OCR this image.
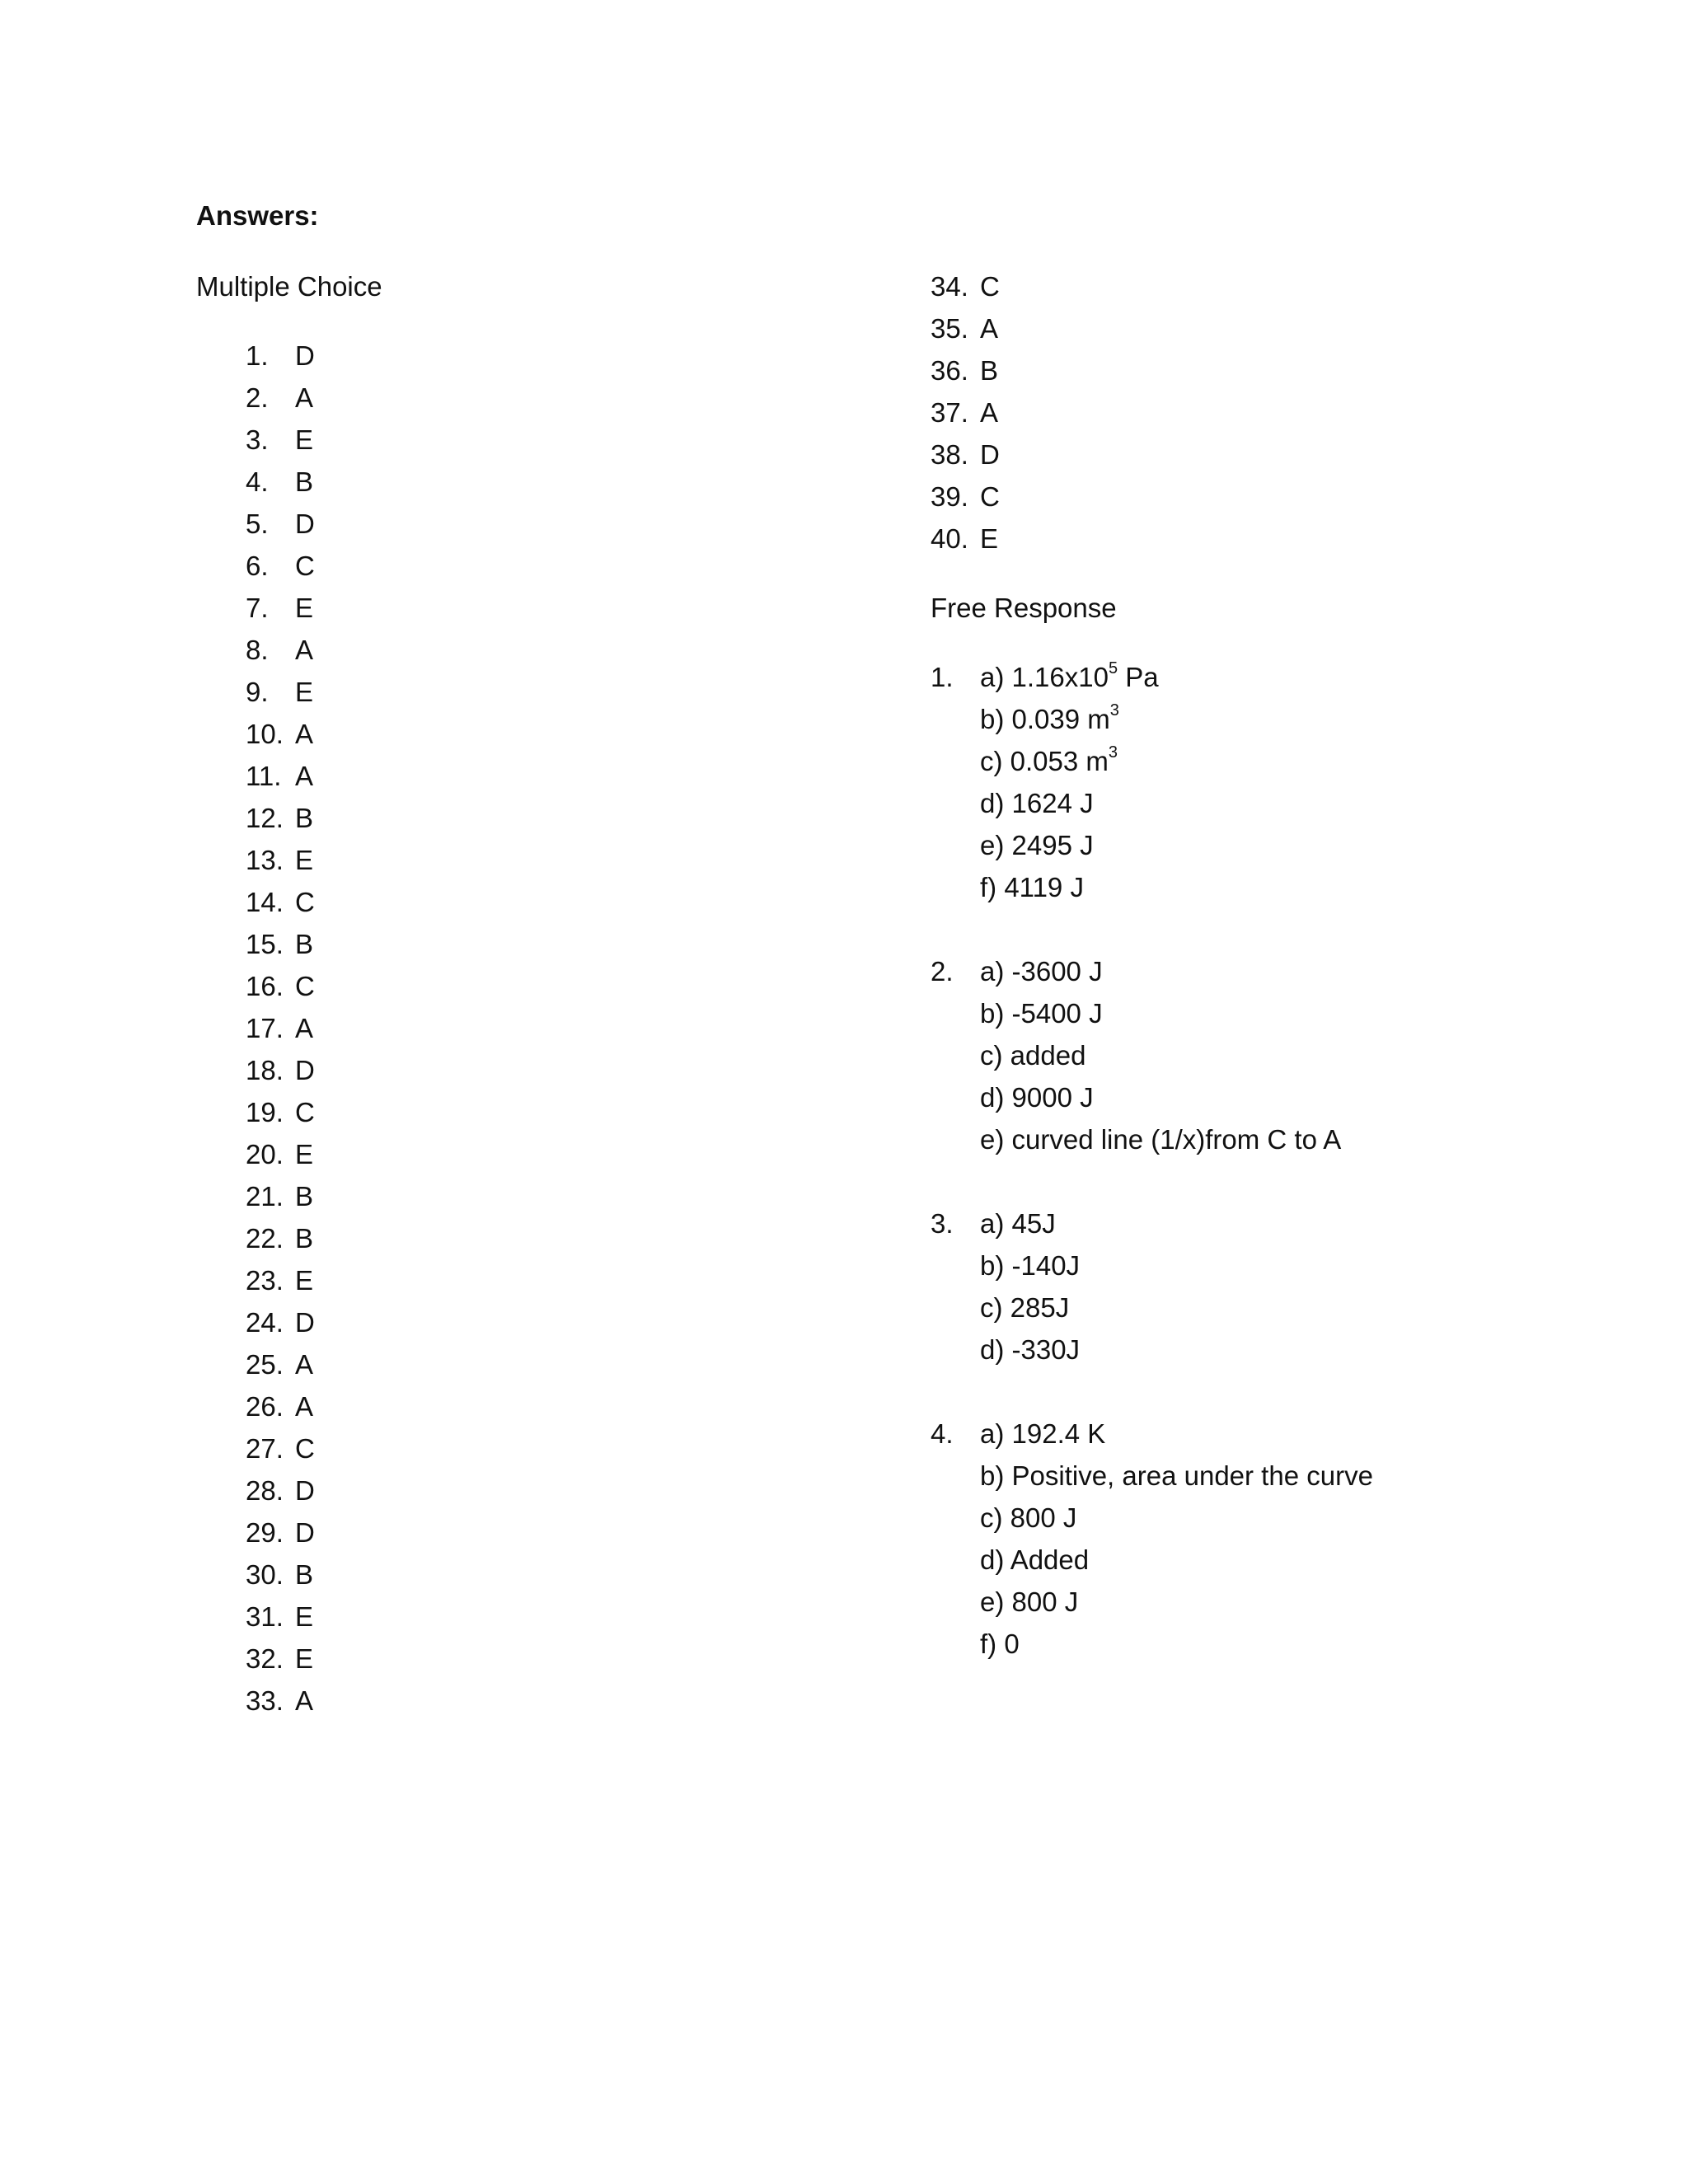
Answers:
Multiple Choice
1. D
2. A
3. E
4. B
5. D
6. C
7. E
8. A
9. E
10. A
11. A
12. B
13. E
14. C
15. B
16. C
17. A
18. D
19. C
20. E
21. B
22. B
23. E
24. D
25. A
26. A
27. C
28. D
29. D
30. B
31. E
32. E
33. A
34. C
35. A
36. B
37. A
38. D
39. C
40. E
Free Response
1. a) $1.16x10^5$ Pa
b) 0.039 $m^3$
c) 0.053 $m^3$
d) 1624 J
e) 2495 J
f) 4119 J
2. a) -3600 J
b) -5400 J
c) added
d) 9000 J
e) curved line (1/x)from C to A
3. a) 45J
b) -140J
c) 285J
d) -330J
4. a) 192.4 K
b) Positive, area under the curve
c) 800 J
d) Added
e) 800 J
f) 0
